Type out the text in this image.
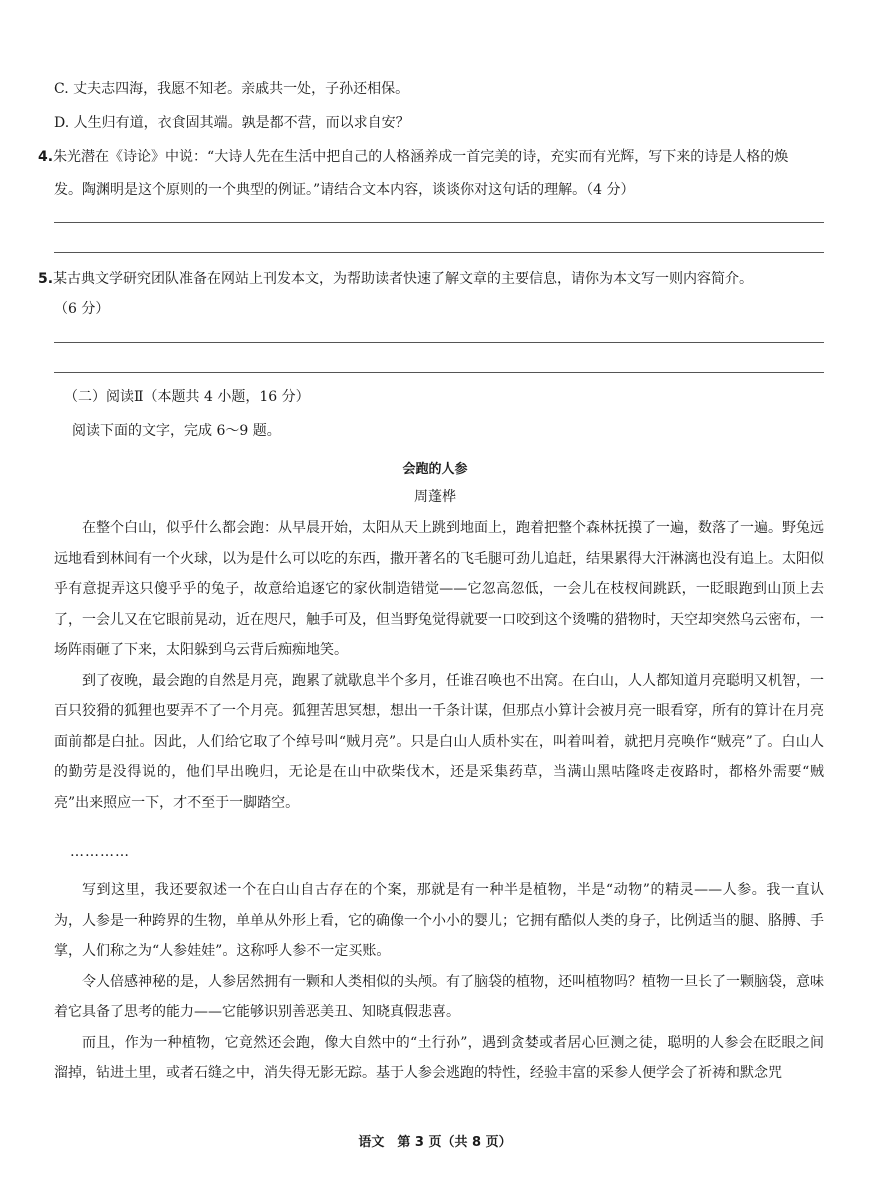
C. 丈夫志四海，我愿不知老。亲戚共一处，子孙还相保。
D. 人生归有道，衣食固其端。孰是都不营，而以求自安？
4.朱光潜在《诗论》中说：“大诗人先在生活中把自己的人格涵养成一首完美的诗，充实而有光辉，写下来的诗是人格的焕
发。陶渊明是这个原则的一个典型的例证。”请结合文本内容，谈谈你对这句话的理解。（4 分）
5.某古典文学研究团队准备在网站上刊发本文，为帮助读者快速了解文章的主要信息，请你为本文写一则内容简介。
（6 分）
（二）阅读Ⅱ（本题共 4 小题，16 分）
阅读下面的文字，完成 6～9 题。
会跑的人参
周蓬桦

在整个白山，似乎什么都会跑：从早晨开始，太阳从天上跳到地面上，跑着把整个森林抚摸了一遍，数落了一遍。野兔远远地看到林间有一个火球，以为是什么可以吃的东西，撒开著名的飞毛腿可劲儿追赶，结果累得大汗淋漓也没有追上。太阳似乎有意捉弄这只傻乎乎的兔子，故意给追逐它的家伙制造错觉——它忽高忽低，一会儿在枝杈间跳跃，一眨眼跑到山顶上去了，一会儿又在它眼前晃动，近在咫尺，触手可及，但当野兔觉得就要一口咬到这个烫嘴的猎物时，天空却突然乌云密布，一场阵雨砸了下来，太阳躲到乌云背后痴痴地笑。

到了夜晚，最会跑的自然是月亮，跑累了就歇息半个多月，任谁召唤也不出窝。在白山，人人都知道月亮聪明又机智，一百只狡猾的狐狸也要弄不了一个月亮。狐狸苦思冥想，想出一千条计谋，但那点小算计会被月亮一眼看穿，所有的算计在月亮面前都是白扯。因此，人们给它取了个绰号叫“贼月亮”。只是白山人质朴实在，叫着叫着，就把月亮唤作“贼亮”了。白山人的勤劳是没得说的，他们早出晚归，无论是在山中砍柴伐木，还是采集药草，当满山黑咕隆咚走夜路时，都格外需要“贼亮”出来照应一下，才不至于一脚踏空。

…………

写到这里，我还要叙述一个在白山自古存在的个案，那就是有一种半是植物，半是“动物”的精灵——人参。我一直认为，人参是一种跨界的生物，单单从外形上看，它的确像一个小小的婴儿；它拥有酷似人类的身子，比例适当的腿、胳膊、手掌，人们称之为“人参娃娃”。这称呼人参不一定买账。

令人倍感神秘的是，人参居然拥有一颗和人类相似的头颅。有了脑袋的植物，还叫植物吗？植物一旦长了一颗脑袋，意味着它具备了思考的能力——它能够识别善恶美丑、知晓真假悲喜。

而且，作为一种植物，它竟然还会跑，像大自然中的“土行孙”，遇到贪婪或者居心叵测之徒，聪明的人参会在眨眼之间溜掉，钻进土里，或者石缝之中，消失得无影无踪。基于人参会逃跑的特性，经验丰富的采参人便学会了祈祷和默念咒

语文　第 3 页（共 8 页）
